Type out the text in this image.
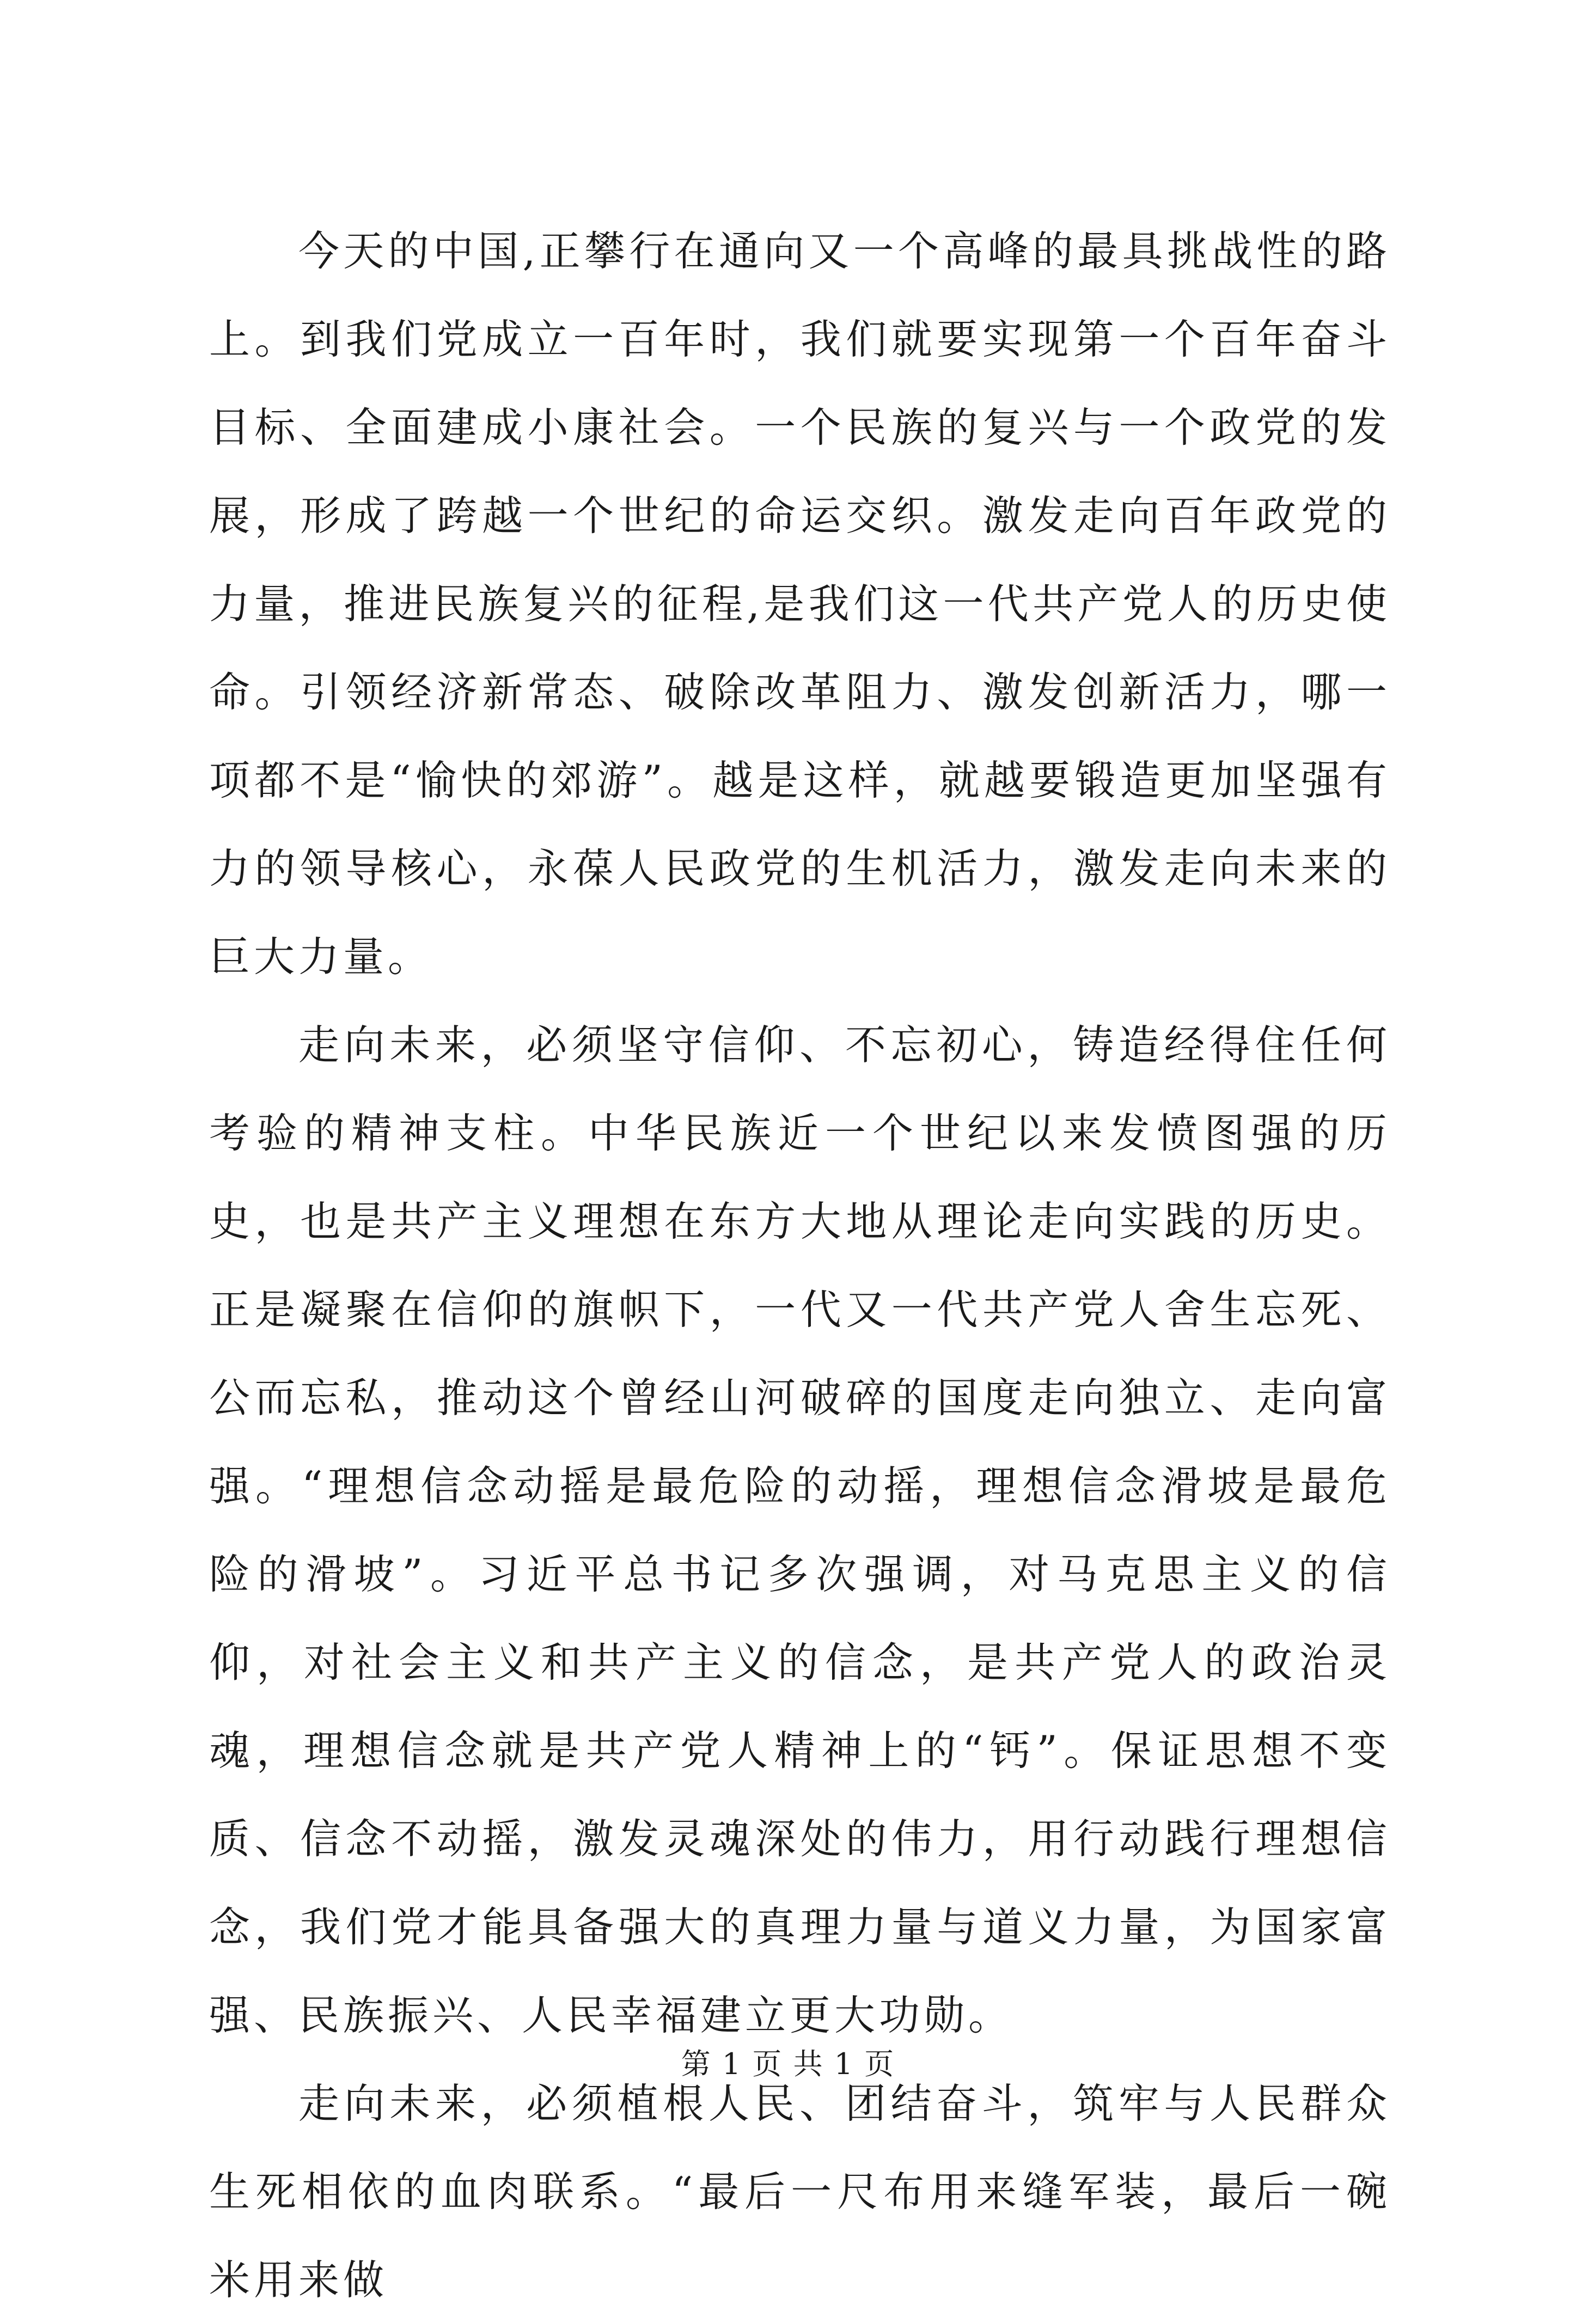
今天的中国,正攀行在通向又一个高峰的最具挑战性的路上。到我们党成立一百年时，我们就要实现第一个百年奋斗目标、全面建成小康社会。一个民族的复兴与一个政党的发展，形成了跨越一个世纪的命运交织。激发走向百年政党的力量，推进民族复兴的征程,是我们这一代共产党人的历史使命。引领经济新常态、破除改革阻力、激发创新活力，哪一项都不是“愉快的郊游”。越是这样，就越要锻造更加坚强有力的领导核心，永葆人民政党的生机活力，激发走向未来的巨大力量。

走向未来，必须坚守信仰、不忘初心，铸造经得住任何考验的精神支柱。中华民族近一个世纪以来发愤图强的历史，也是共产主义理想在东方大地从理论走向实践的历史。正是凝聚在信仰的旗帜下，一代又一代共产党人舍生忘死、公而忘私，推动这个曾经山河破碎的国度走向独立、走向富强。“理想信念动摇是最危险的动摇，理想信念滑坡是最危险的滑坡”。习近平总书记多次强调，对马克思主义的信仰，对社会主义和共产主义的信念，是共产党人的政治灵魂，理想信念就是共产党人精神上的“钙”。保证思想不变质、信念不动摇，激发灵魂深处的伟力，用行动践行理想信念，我们党才能具备强大的真理力量与道义力量，为国家富强、民族振兴、人民幸福建立更大功勋。

走向未来，必须植根人民、团结奋斗，筑牢与人民群众生死相依的血肉联系。“最后一尺布用来缝军装，最后一碗米用来做

第 1 页 共 1 页
